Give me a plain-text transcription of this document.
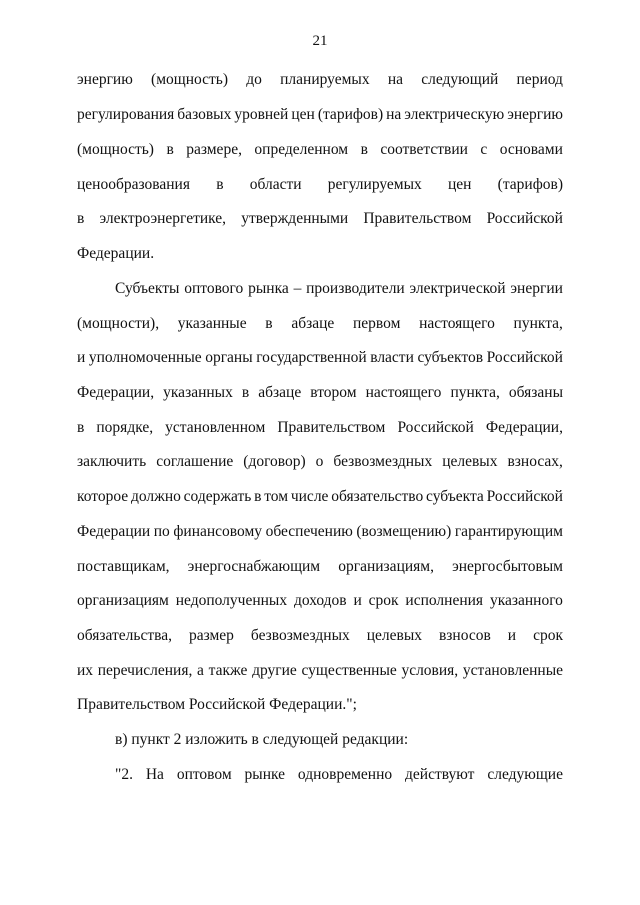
21
энергию (мощность) до планируемых на следующий период
регулирования базовых уровней цен (тарифов) на электрическую энергию
(мощность) в размере, определенном в соответствии с основами
ценообразования в области регулируемых цен (тарифов)
в электроэнергетике, утвержденными Правительством Российской
Федерации.
Субъекты оптового рынка – производители электрической энергии
(мощности), указанные в абзаце первом настоящего пункта,
и уполномоченные органы государственной власти субъектов Российской
Федерации, указанных в абзаце втором настоящего пункта, обязаны
в порядке, установленном Правительством Российской Федерации,
заключить соглашение (договор) о безвозмездных целевых взносах,
которое должно содержать в том числе обязательство субъекта Российской
Федерации по финансовому обеспечению (возмещению) гарантирующим
поставщикам, энергоснабжающим организациям, энергосбытовым
организациям недополученных доходов и срок исполнения указанного
обязательства, размер безвозмездных целевых взносов и срок
их перечисления, а также другие существенные условия, установленные
Правительством Российской Федерации.";
в) пункт 2 изложить в следующей редакции:
"2. На оптовом рынке одновременно действуют следующие
